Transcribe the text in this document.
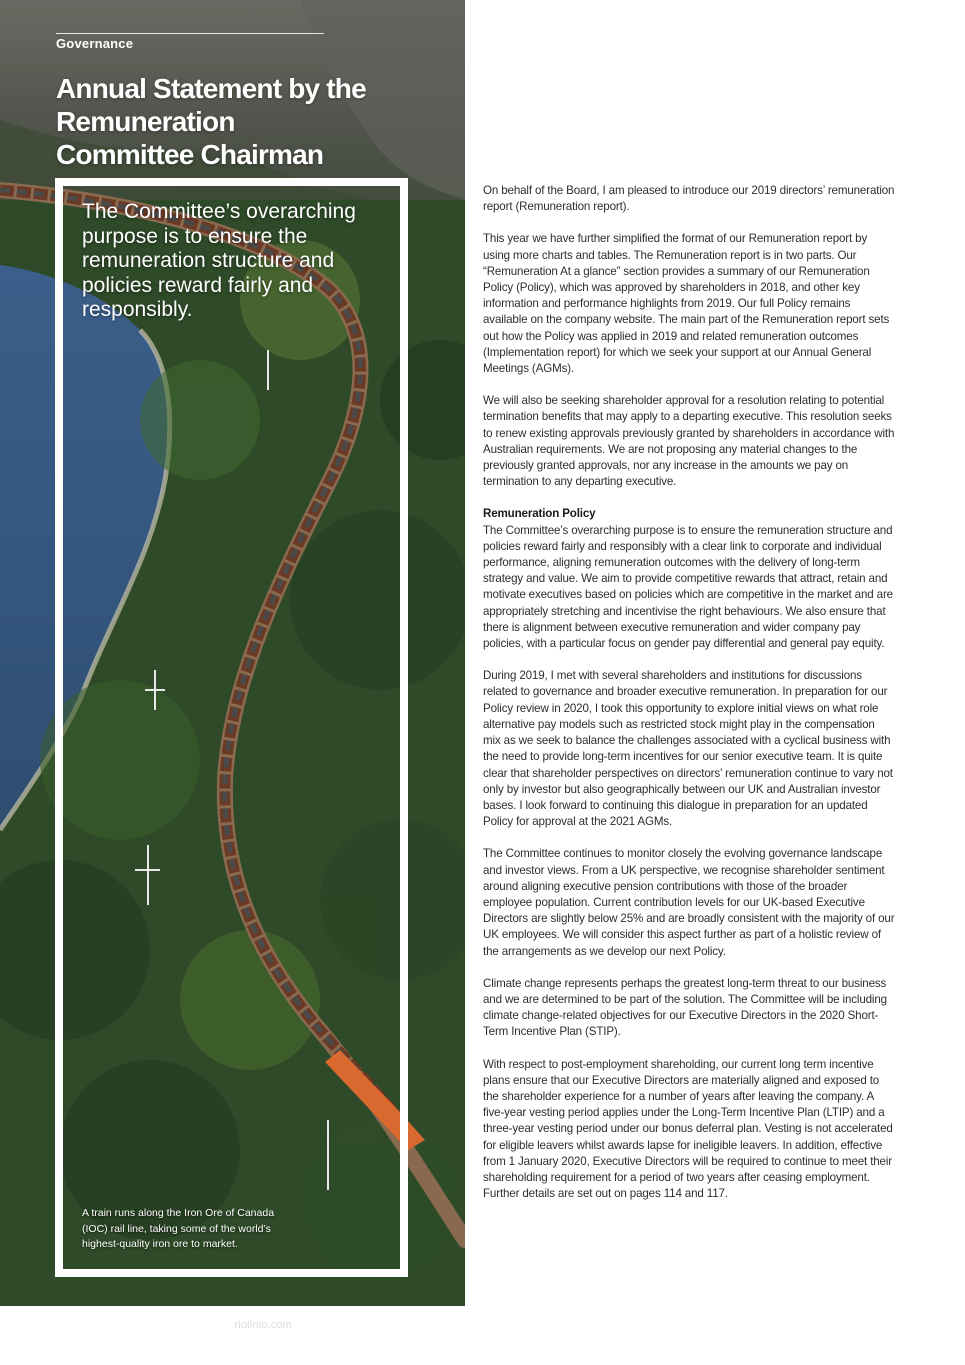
Governance
Annual Statement by the Remuneration Committee Chairman
The Committee’s overarching purpose is to ensure the remuneration structure and policies reward fairly and responsibly.
A train runs along the Iron Ore of Canada (IOC) rail line, taking some of the world’s highest-quality iron ore to market.

On behalf of the Board, I am pleased to introduce our 2019 directors’ remuneration report (Remuneration report).

This year we have further simplified the format of our Remuneration report by using more charts and tables. The Remuneration report is in two parts. Our “Remuneration At a glance” section provides a summary of our Remuneration Policy (Policy), which was approved by shareholders in 2018, and other key information and performance highlights from 2019. Our full Policy remains available on the company website. The main part of the Remuneration report sets out how the Policy was applied in 2019 and related remuneration outcomes (Implementation report) for which we seek your support at our Annual General Meetings (AGMs).

We will also be seeking shareholder approval for a resolution relating to potential termination benefits that may apply to a departing executive. This resolution seeks to renew existing approvals previously granted by shareholders in accordance with Australian requirements. We are not proposing any material changes to the previously granted approvals, nor any increase in the amounts we pay on termination to any departing executive.

Remuneration Policy

The Committee’s overarching purpose is to ensure the remuneration structure and policies reward fairly and responsibly with a clear link to corporate and individual performance, aligning remuneration outcomes with the delivery of long-term strategy and value. We aim to provide competitive rewards that attract, retain and motivate executives based on policies which are competitive in the market and are appropriately stretching and incentivise the right behaviours. We also ensure that there is alignment between executive remuneration and wider company pay policies, with a particular focus on gender pay differential and general pay equity.

During 2019, I met with several shareholders and institutions for discussions related to governance and broader executive remuneration. In preparation for our Policy review in 2020, I took this opportunity to explore initial views on what role alternative pay models such as restricted stock might play in the compensation mix as we seek to balance the challenges associated with a cyclical business with the need to provide long-term incentives for our senior executive team. It is quite clear that shareholder perspectives on directors’ remuneration continue to vary not only by investor but also geographically between our UK and Australian investor bases. I look forward to continuing this dialogue in preparation for an updated Policy for approval at the 2021 AGMs.

The Committee continues to monitor closely the evolving governance landscape and investor views. From a UK perspective, we recognise shareholder sentiment around aligning executive pension contributions with those of the broader employee population. Current contribution levels for our UK-based Executive Directors are slightly below 25% and are broadly consistent with the majority of our UK employees. We will consider this aspect further as part of a holistic review of the arrangements as we develop our next Policy.

Climate change represents perhaps the greatest long-term threat to our business and we are determined to be part of the solution. The Committee will be including climate change-related objectives for our Executive Directors in the 2020 Short-Term Incentive Plan (STIP).

With respect to post-employment shareholding, our current long term incentive plans ensure that our Executive Directors are materially aligned and exposed to the shareholder experience for a number of years after leaving the company. A five-year vesting period applies under the Long-Term Incentive Plan (LTIP) and a three-year vesting period under our bonus deferral plan. Vesting is not accelerated for eligible leavers whilst awards lapse for ineligible leavers. In addition, effective from 1 January 2020, Executive Directors will be required to continue to meet their shareholding requirement for a period of two years after ceasing employment. Further details are set out on pages 114 and 117.

110	Annual report 2019 | riotinto.com
